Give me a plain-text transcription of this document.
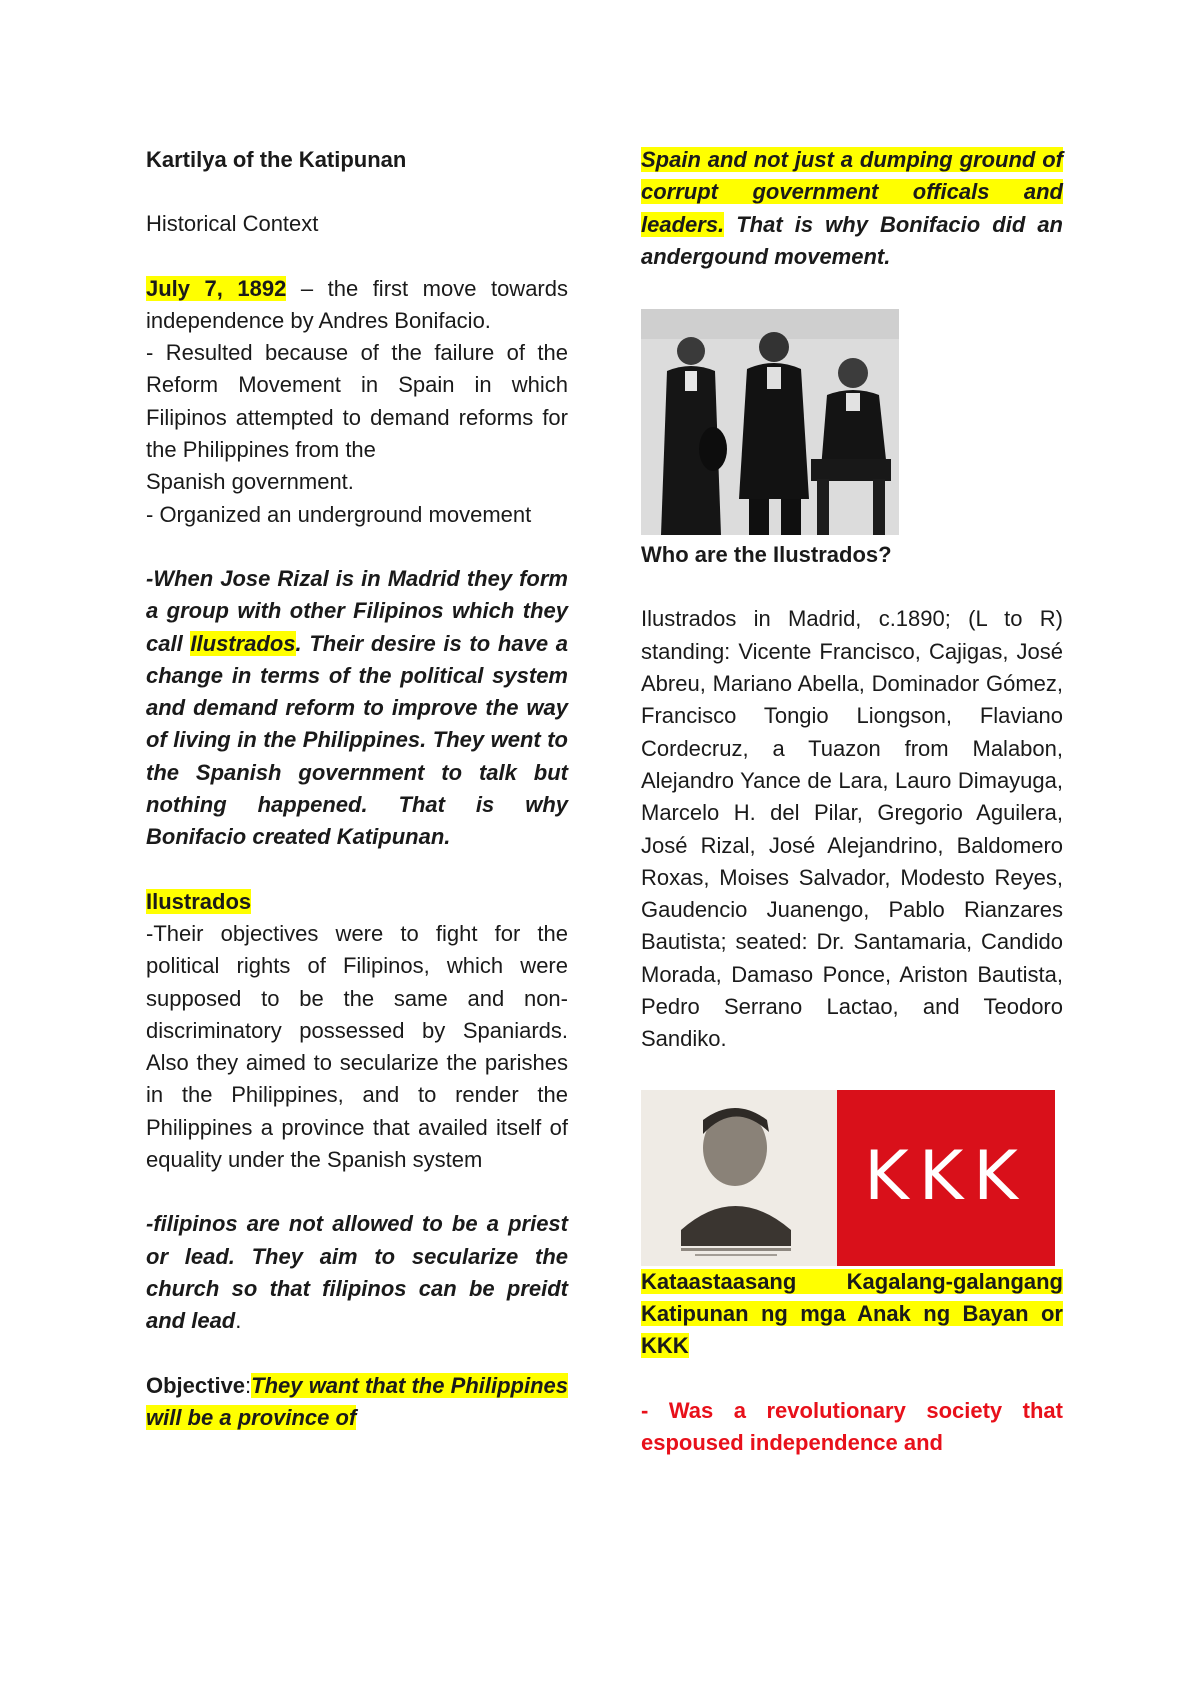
Kartilya of the Katipunan

Historical Context

July 7, 1892 – the first move towards independence by Andres Bonifacio.

- Resulted because of the failure of the Reform Movement in Spain in which Filipinos attempted to demand reforms for the Philippines from the

Spanish government.

- Organized an underground movement

-When Jose Rizal is in Madrid they form a group with other Filipinos which they call Ilustrados. Their desire is to have a change in terms of the political system and demand reform to improve the way of living in the Philippines. They went to the Spanish government to talk but nothing happened. That is why Bonifacio created Katipunan.

Ilustrados

-Their objectives were to fight for the political rights of Filipinos, which were supposed to be the same and non-discriminatory possessed by Spaniards. Also they aimed to secularize the parishes in the Philippines, and to render the Philippines a province that availed itself of equality under the Spanish system

-filipinos are not allowed to be a priest or lead. They aim to secularize the church so that filipinos can be preidt and lead.

Objective:They want that the Philippines will be a province of

Spain and not just a dumping ground of corrupt government officals and leaders. That is why Bonifacio did an andergound movement.

Who are the Ilustrados?

Ilustrados in Madrid, c.1890; (L to R) standing: Vicente Francisco, Cajigas, José Abreu, Mariano Abella, Dominador Gómez, Francisco Tongio Liongson, Flaviano Cordecruz, a Tuazon from Malabon, Alejandro Yance de Lara, Lauro Dimayuga, Marcelo H. del Pilar, Gregorio Aguilera, José Rizal, José Alejandrino, Baldomero Roxas, Moises Salvador, Modesto Reyes, Gaudencio Juanengo, Pablo Rianzares Bautista; seated: Dr. Santamaria, Candido Morada, Damaso Ponce, Ariston Bautista, Pedro Serrano Lactao, and Teodoro Sandiko.

KKK

Kataastaasang Kagalang-galangang Katipunan ng mga Anak ng Bayan or KKK

- Was a revolutionary society that espoused independence and
